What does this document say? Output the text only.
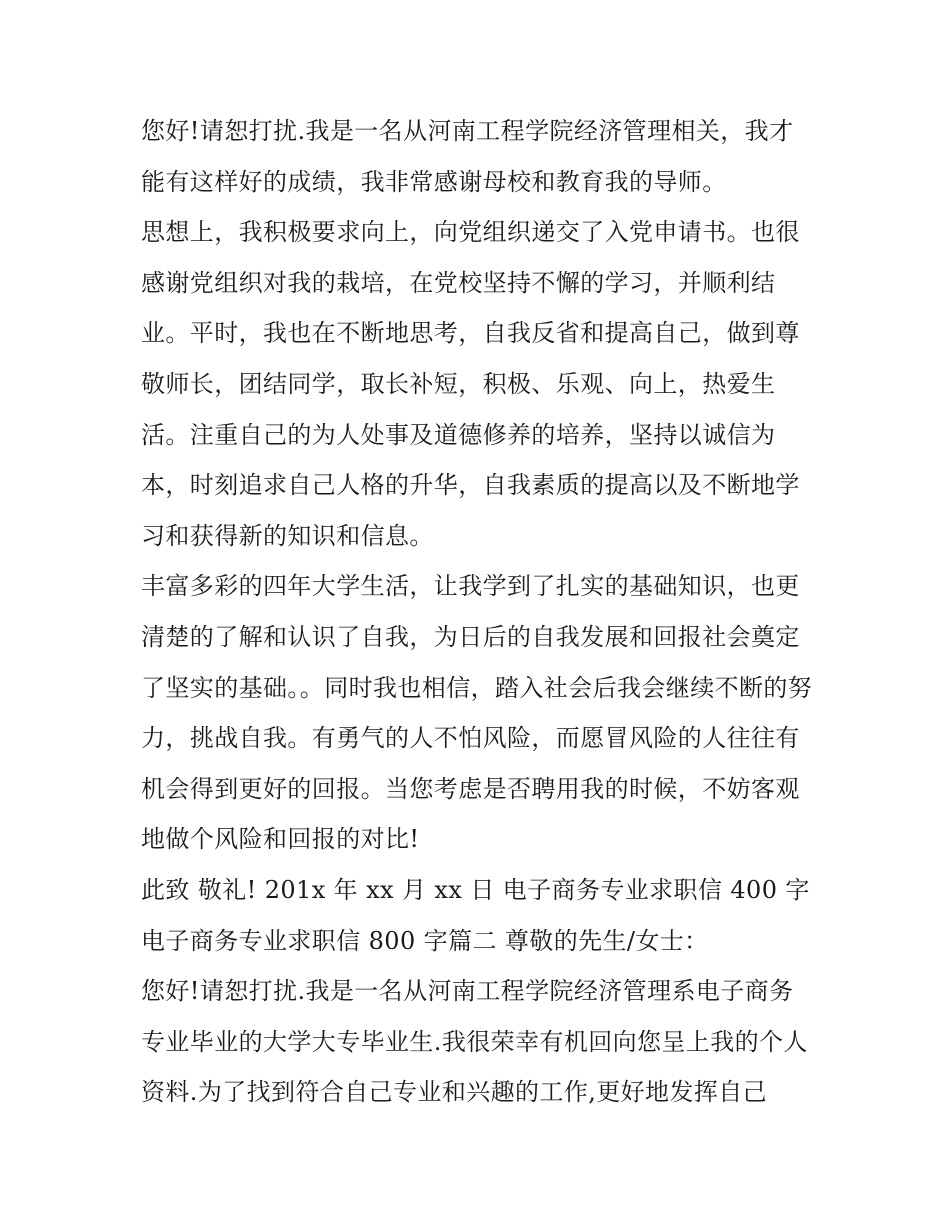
您好!请恕打扰.我是一名从河南工程学院经济管理相关，我才能有这样好的成绩，我非常感谢母校和教育我的导师。

思想上，我积极要求向上，向党组织递交了入党申请书。也很感谢党组织对我的栽培，在党校坚持不懈的学习，并顺利结业。平时，我也在不断地思考，自我反省和提高自己，做到尊敬师长，团结同学，取长补短，积极、乐观、向上，热爱生活。注重自己的为人处事及道德修养的培养，坚持以诚信为本，时刻追求自己人格的升华，自我素质的提高以及不断地学习和获得新的知识和信息。

丰富多彩的四年大学生活，让我学到了扎实的基础知识，也更清楚的了解和认识了自我，为日后的自我发展和回报社会奠定了坚实的基础。。同时我也相信，踏入社会后我会继续不断的努力，挑战自我。有勇气的人不怕风险，而愿冒风险的人往往有机会得到更好的回报。当您考虑是否聘用我的时候，不妨客观地做个风险和回报的对比!

此致 敬礼! 201x 年 xx 月 xx 日 电子商务专业求职信 400 字 电子商务专业求职信 800 字篇二 尊敬的先生/女士：

您好!请恕打扰.我是一名从河南工程学院经济管理系电子商务专业毕业的大学大专毕业生.我很荣幸有机回向您呈上我的个人资料.为了找到符合自己专业和兴趣的工作,更好地发挥自己
